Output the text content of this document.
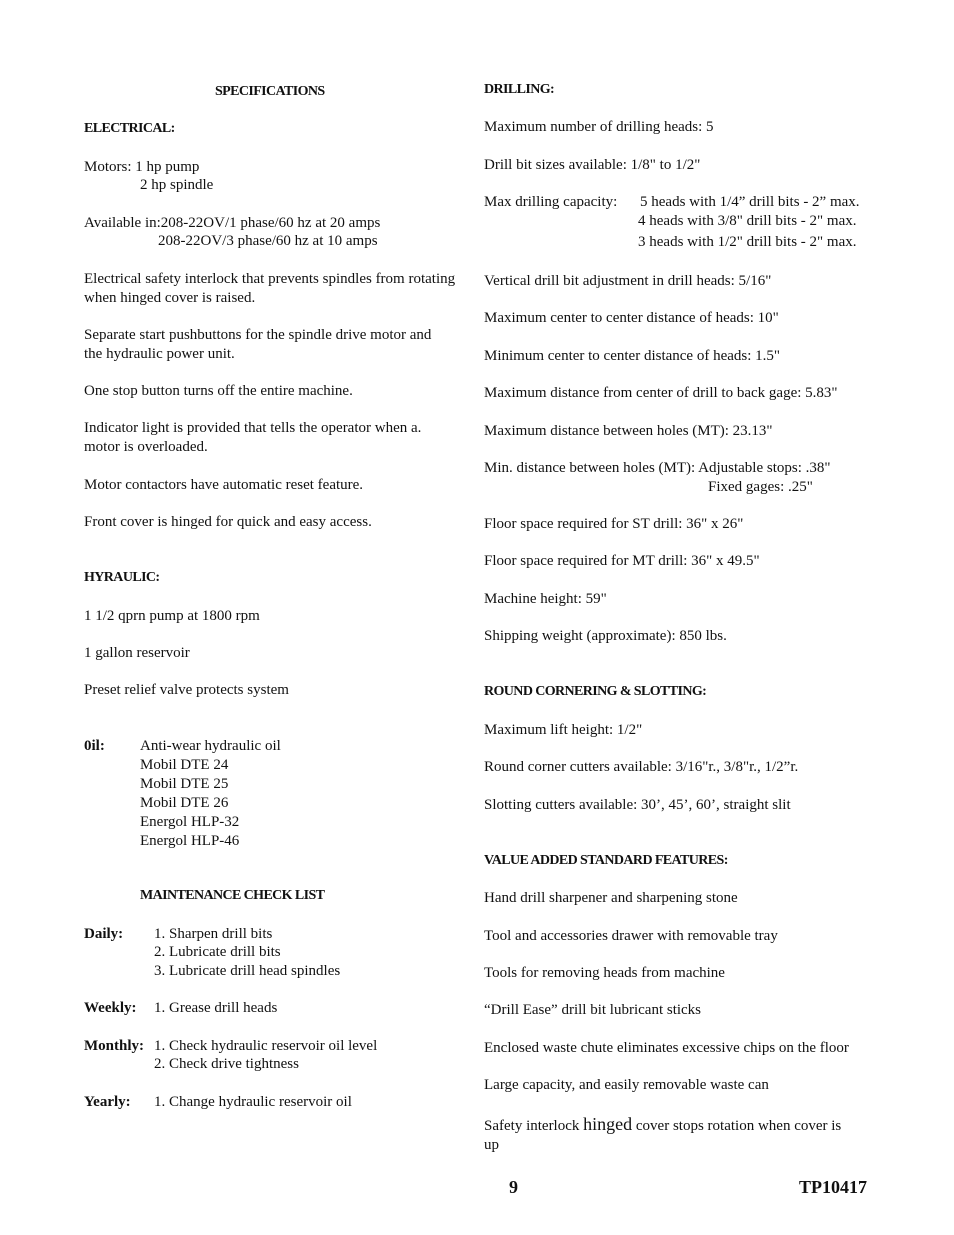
SPECIFICATIONS
ELECTRICAL:
Motors: 1 hp pump
2 hp spindle
Available in:208-22OV/1 phase/60 hz at 20 amps
208-22OV/3 phase/60 hz at 10 amps
Electrical safety interlock that prevents spindles from rotating
when hinged cover is raised.
Separate start pushbuttons for the spindle drive motor and
the hydraulic power unit.
One stop button turns off the entire machine.
Indicator light is provided that tells the operator when a.
motor is overloaded.
Motor contactors have automatic reset feature.
Front cover is hinged for quick and easy access.
HYRAULIC:
1 1/2 qprn pump at 1800 rpm
1 gallon reservoir
Preset relief valve protects system
0il: Anti-wear hydraulic oil
Mobil DTE 24
Mobil DTE 25
Mobil DTE 26
Energol HLP-32
Energol HLP-46
MAINTENANCE CHECK LIST
Daily: 1. Sharpen drill bits
2. Lubricate drill bits
3. Lubricate drill head spindles
Weekly: 1. Grease drill heads
Monthly: 1. Check hydraulic reservoir oil level
2. Check drive tightness
Yearly: 1. Change hydraulic reservoir oil
DRILLING:
Maximum number of drilling heads: 5
Drill bit sizes available: 1/8" to 1/2"
Max drilling capacity: 5 heads with 1/4” drill bits - 2” max.
4 heads with 3/8" drill bits - 2" max.
3 heads with 1/2" drill bits - 2" max.
Vertical drill bit adjustment in drill heads: 5/16"
Maximum center to center distance of heads: 10"
Minimum center to center distance of heads: 1.5"
Maximum distance from center of drill to back gage: 5.83"
Maximum distance between holes (MT): 23.13"
Min. distance between holes (MT): Adjustable stops: .38"
Fixed gages: .25"
Floor space required for ST drill: 36" x 26"
Floor space required for MT drill: 36" x 49.5"
Machine height: 59"
Shipping weight (approximate): 850 lbs.
ROUND CORNERING & SLOTTING:
Maximum lift height: 1/2"
Round corner cutters available: 3/16"r., 3/8"r., 1/2”r.
Slotting cutters available: 30’, 45’, 60’, straight slit
VALUE ADDED STANDARD FEATURES:
Hand drill sharpener and sharpening stone
Tool and accessories drawer with removable tray
Tools for removing heads from machine
“Drill Ease” drill bit lubricant sticks
Enclosed waste chute eliminates excessive chips on the floor
Large capacity, and easily removable waste can
Safety interlock hinged cover stops rotation when cover is
up
9	TP10417
